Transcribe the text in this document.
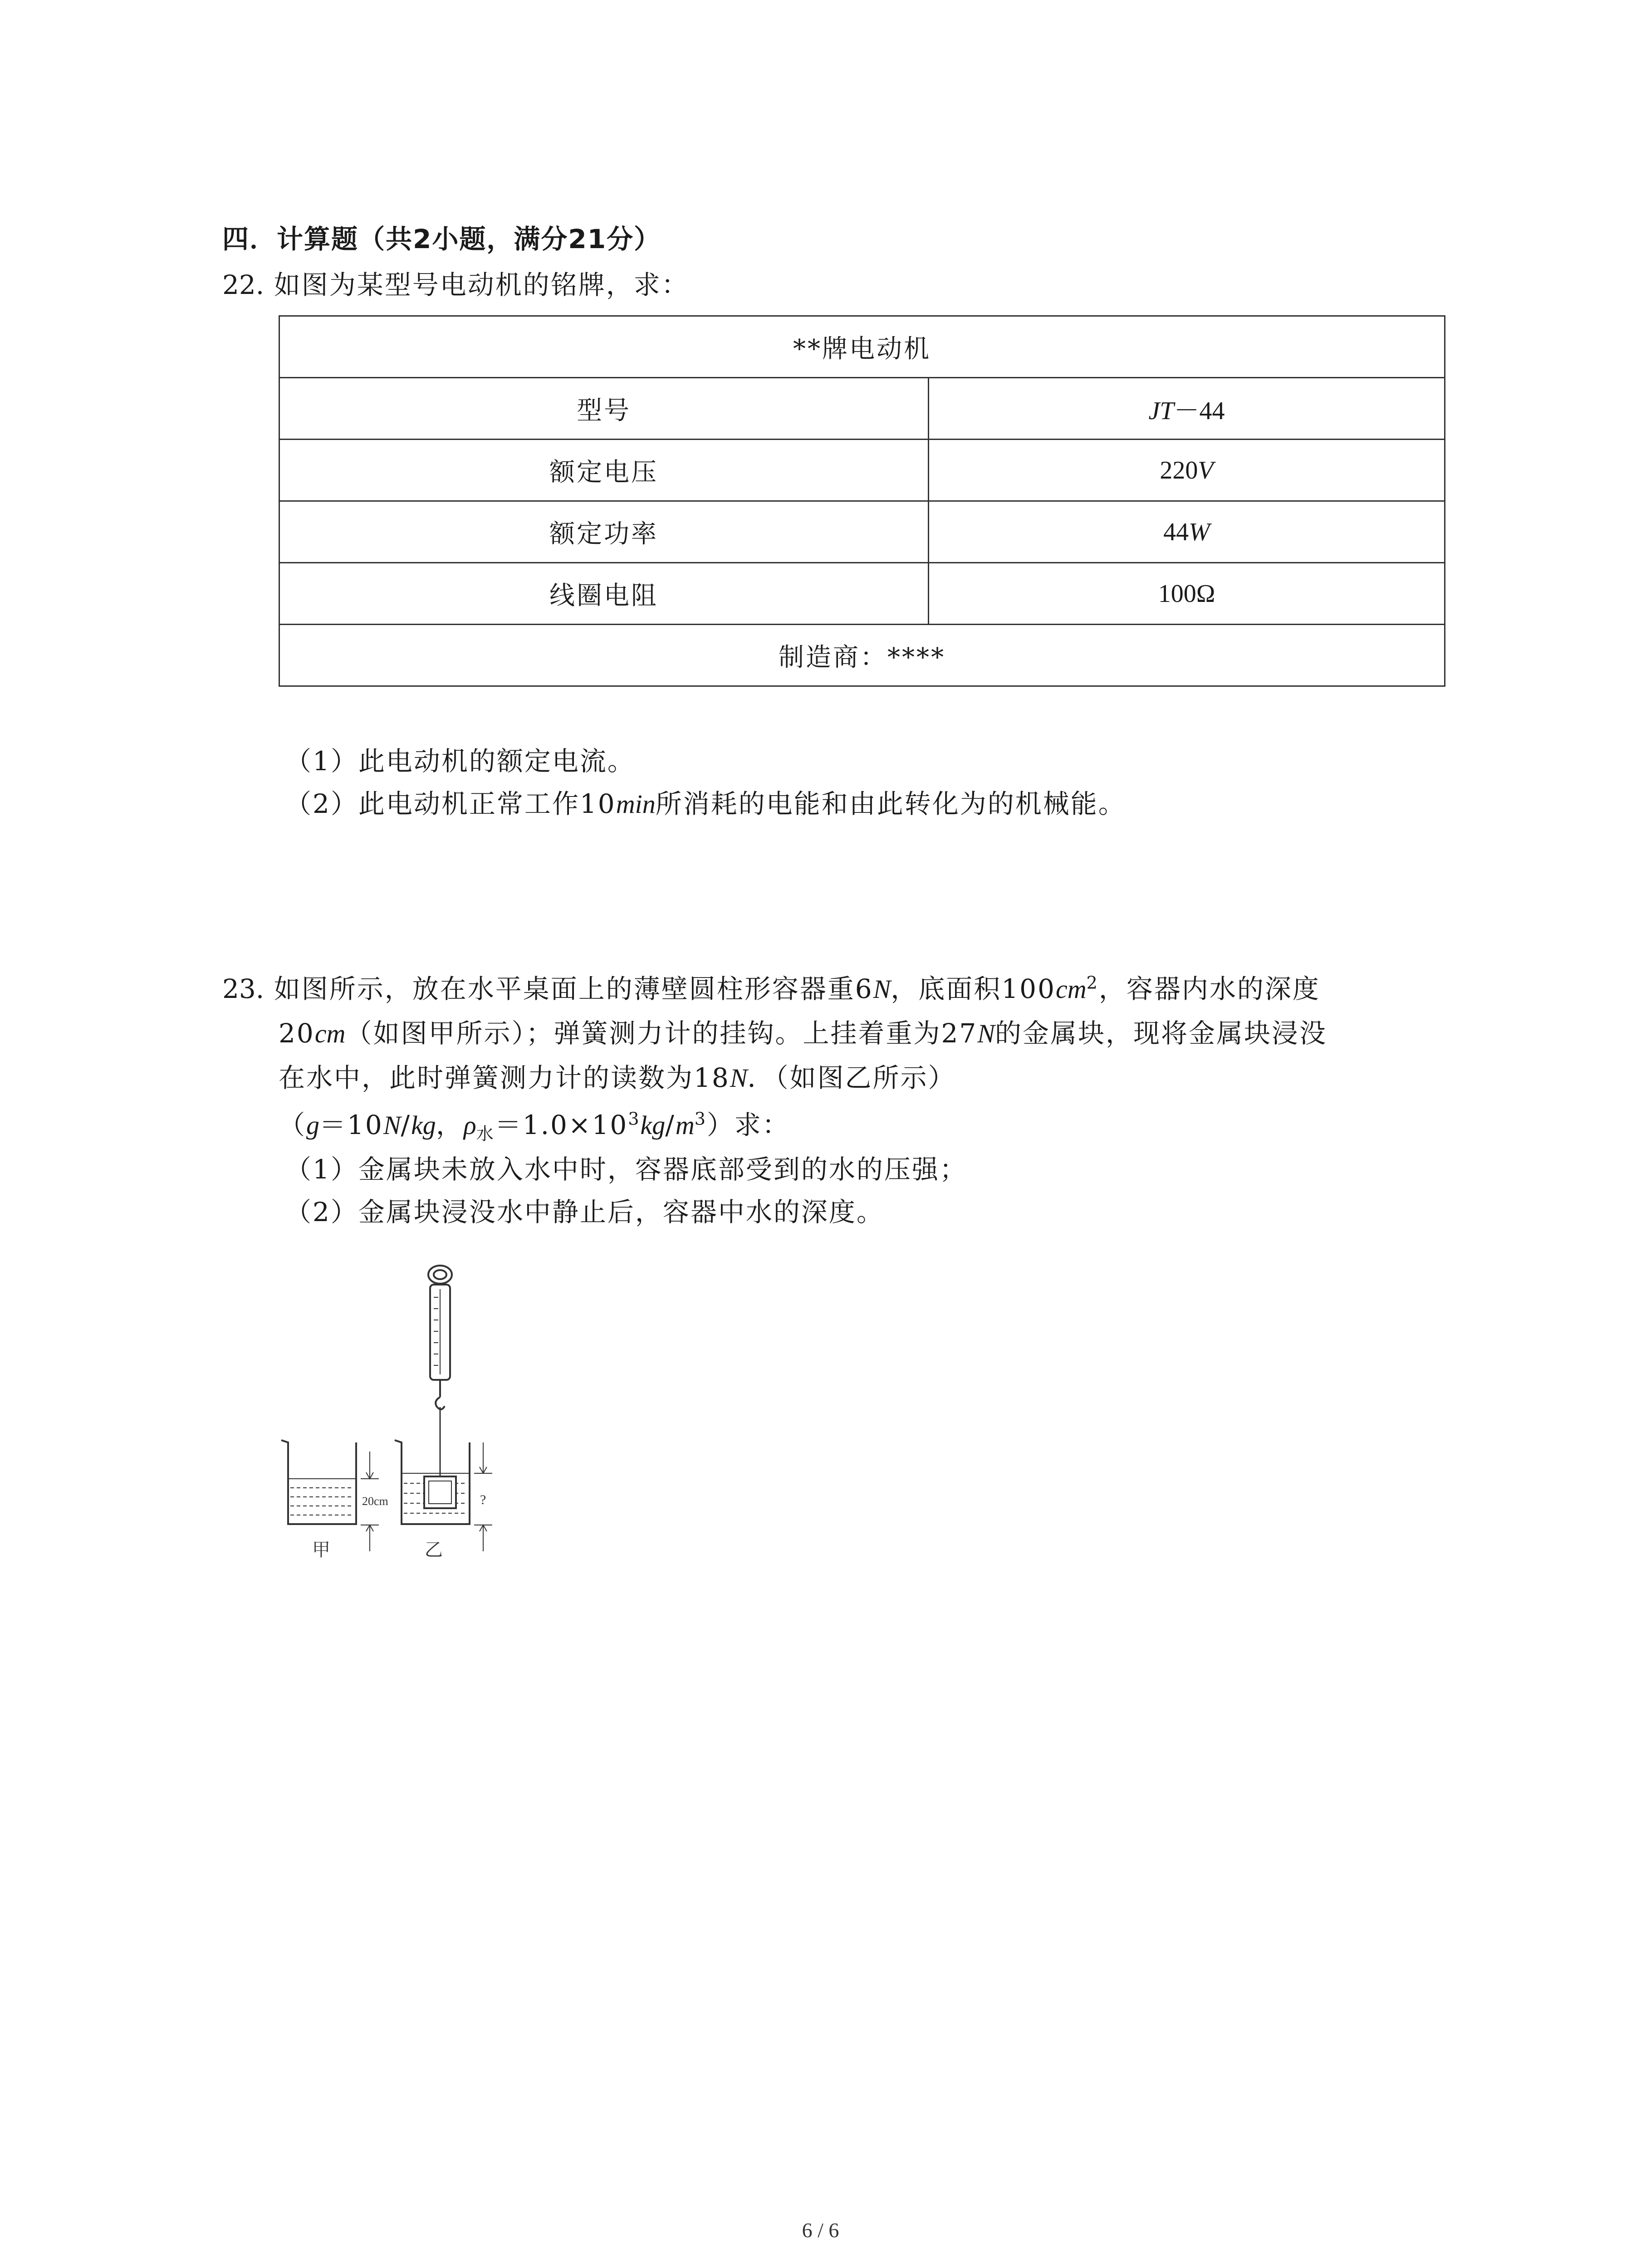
四．计算题（共2小题，满分21分）
22. 如图为某型号电动机的铭牌，求：
**牌电动机	
型号	JT－44
额定电压	220V
额定功率	44W
线圈电阻	100Ω
制造商：****	
（1）此电动机的额定电流。
（2）此电动机正常工作10min所消耗的电能和由此转化为的机械能。
23. 如图所示，放在水平桌面上的薄壁圆柱形容器重6N，底面积$100cm^2$，容器内水的深度
20cm（如图甲所示）；弹簧测力计的挂钩。上挂着重为27N的金属块，现将金属块浸没
在水中，此时弹簧测力计的读数为18N．（如图乙所示）
（g＝10N/kg，$\rho_水=1.0\times 10^3kg/m^3$）求：
（1）金属块未放入水中时，容器底部受到的水的压强；
（2）金属块浸没水中静止后，容器中水的深度。
20cm	?
甲	乙
6 / 6
